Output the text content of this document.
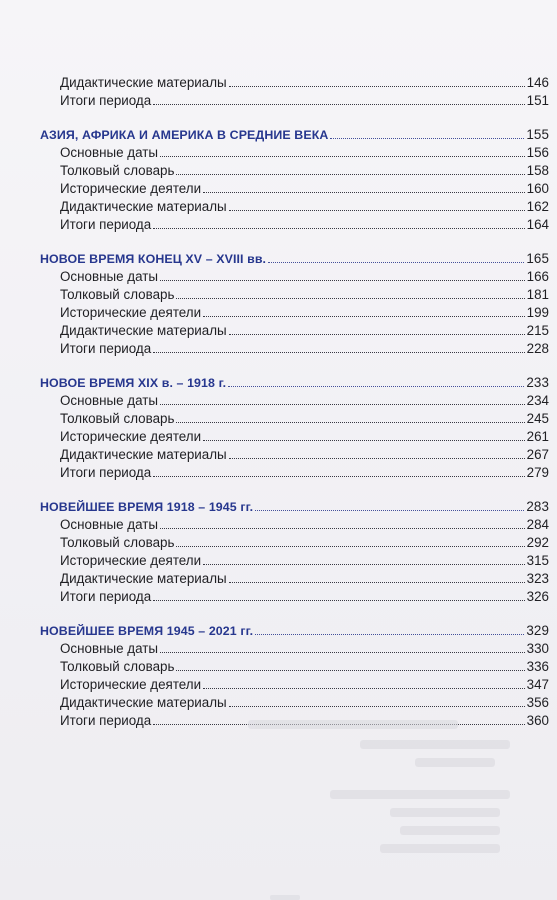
Дидактические материалы	146
Итоги периода	151
АЗИЯ, АФРИКА И АМЕРИКА В СРЕДНИЕ ВЕКА	155
Основные даты	156
Толковый словарь	158
Исторические деятели	160
Дидактические материалы	162
Итоги периода	164
НОВОЕ ВРЕМЯ КОНЕЦ XV – XVIII вв.	165
Основные даты	166
Толковый словарь	181
Исторические деятели	199
Дидактические материалы	215
Итоги периода	228
НОВОЕ ВРЕМЯ XIX в. – 1918 г.	233
Основные даты	234
Толковый словарь	245
Исторические деятели	261
Дидактические материалы	267
Итоги периода	279
НОВЕЙШЕЕ ВРЕМЯ 1918 – 1945 гг.	283
Основные даты	284
Толковый словарь	292
Исторические деятели	315
Дидактические материалы	323
Итоги периода	326
НОВЕЙШЕЕ ВРЕМЯ 1945 – 2021 гг.	329
Основные даты	330
Толковый словарь	336
Исторические деятели	347
Дидактические материалы	356
Итоги периода	360
